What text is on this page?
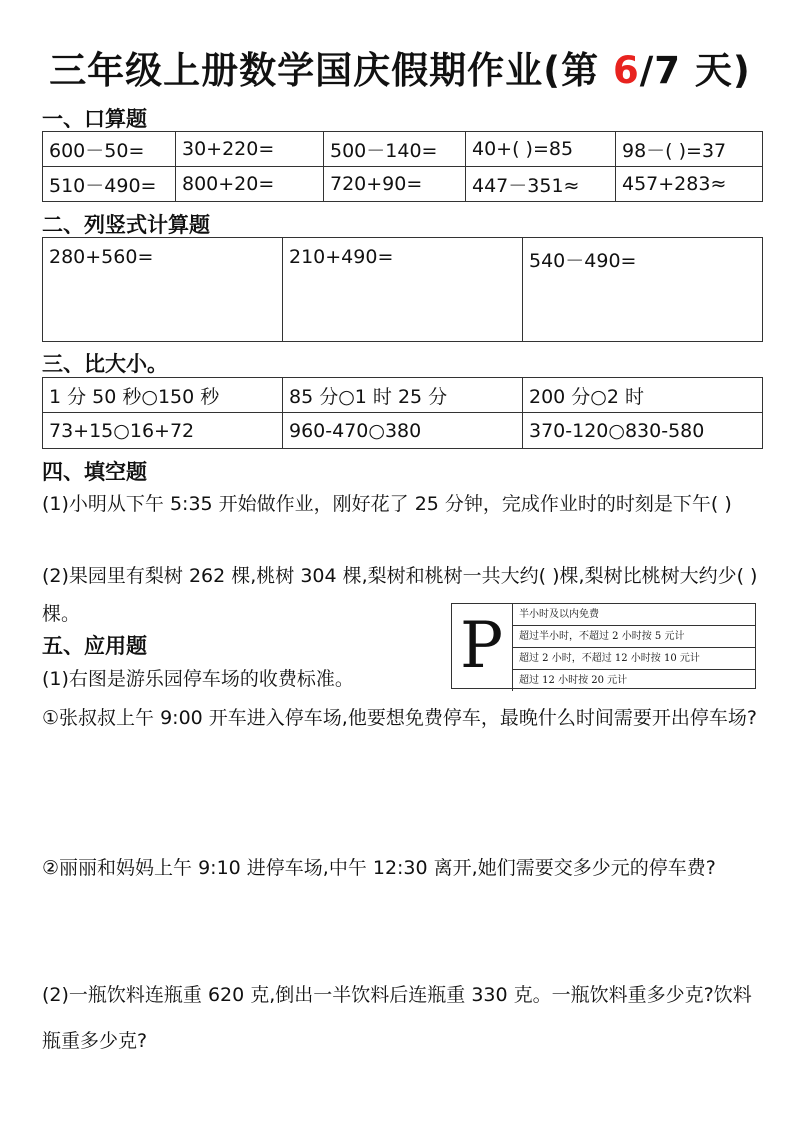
三年级上册数学国庆假期作业(第 6/7 天)
一、口算题
600－50=	30+220=	500－140=	40+( )=85	98－( )=37
510－490=	800+20=	720+90=	447－351≈	457+283≈
二、列竖式计算题
280+560=	210+490=	540－490=
三、比大小。
1 分 50 秒○150 秒	85 分○1 时 25 分	200 分○2 时
73+15○16+72	960-470○380	370-120○830-580
四、填空题
(1)小明从下午 5:35 开始做作业，刚好花了 25 分钟，完成作业时的时刻是下午( )
(2)果园里有梨树 262 棵,桃树 304 棵,梨树和桃树一共大约( )棵,梨树比桃树大约少( )棵。
五、应用题
(1)右图是游乐园停车场的收费标准。
①张叔叔上午 9:00 开车进入停车场,他要想免费停车，最晚什么时间需要开出停车场?
②丽丽和妈妈上午 9:10 进停车场,中午 12:30 离开,她们需要交多少元的停车费?
(2)一瓶饮料连瓶重 620 克,倒出一半饮料后连瓶重 330 克。一瓶饮料重多少克?饮料瓶重多少克?
P	半小时及以内免费
超过半小时，不超过 2 小时按 5 元计
超过 2 小时，不超过 12 小时按 10 元计
超过 12 小时按 20 元计
